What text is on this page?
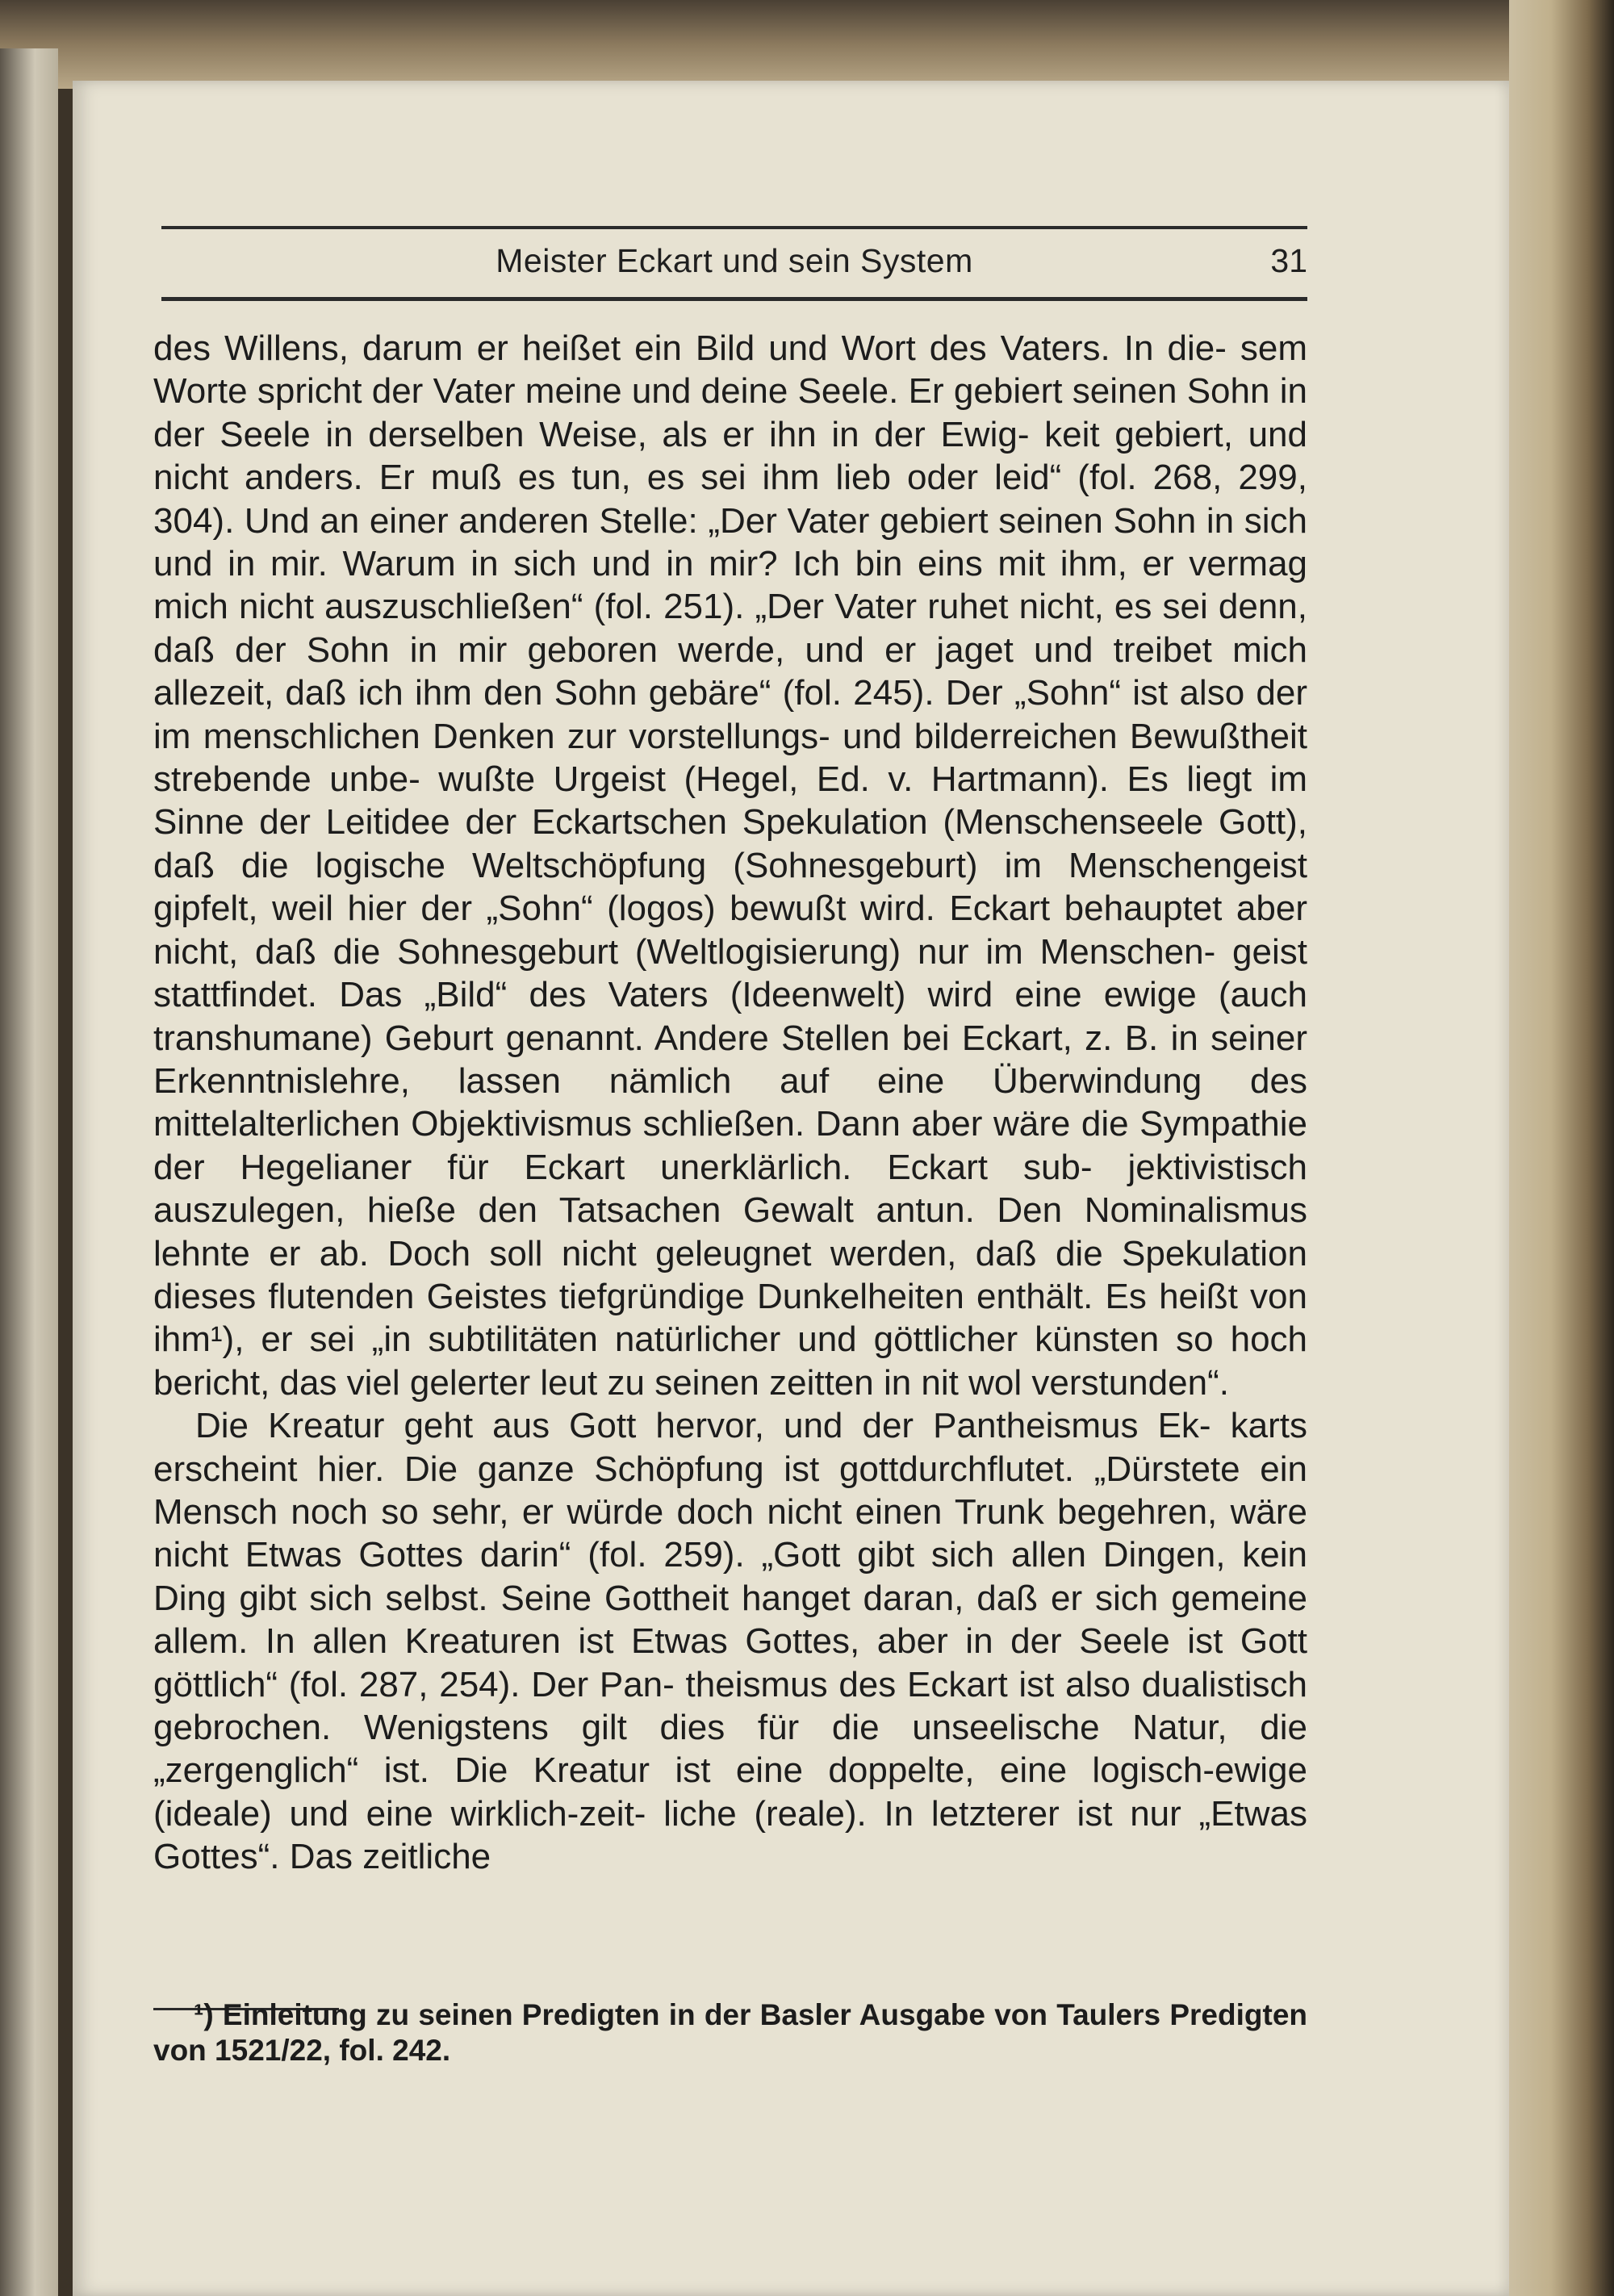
Meister Eckart und sein System	31

des Willens, darum er heißet ein Bild und Wort des Vaters. In die- sem Worte spricht der Vater meine und deine Seele. Er gebiert seinen Sohn in der Seele in derselben Weise, als er ihn in der Ewig- keit gebiert, und nicht anders. Er muß es tun, es sei ihm lieb oder leid“ (fol. 268, 299, 304). Und an einer anderen Stelle: „Der Vater gebiert seinen Sohn in sich und in mir. Warum in sich und in mir? Ich bin eins mit ihm, er vermag mich nicht auszuschließen“ (fol. 251). „Der Vater ruhet nicht, es sei denn, daß der Sohn in mir geboren werde, und er jaget und treibet mich allezeit, daß ich ihm den Sohn gebäre“ (fol. 245). Der „Sohn“ ist also der im menschlichen Denken zur vorstellungs- und bilderreichen Bewußtheit strebende unbe- wußte Urgeist (Hegel, Ed. v. Hartmann). Es liegt im Sinne der Leitidee der Eckartschen Spekulation (Menschenseele Gott), daß die logische Weltschöpfung (Sohnesgeburt) im Menschengeist gipfelt, weil hier der „Sohn“ (logos) bewußt wird. Eckart behauptet aber nicht, daß die Sohnesgeburt (Weltlogisierung) nur im Menschen- geist stattfindet. Das „Bild“ des Vaters (Ideenwelt) wird eine ewige (auch transhumane) Geburt genannt. Andere Stellen bei Eckart, z. B. in seiner Erkenntnislehre, lassen nämlich auf eine Überwindung des mittelalterlichen Objektivismus schließen. Dann aber wäre die Sympathie der Hegelianer für Eckart unerklärlich. Eckart sub- jektivistisch auszulegen, hieße den Tatsachen Gewalt antun. Den Nominalismus lehnte er ab. Doch soll nicht geleugnet werden, daß die Spekulation dieses flutenden Geistes tiefgründige Dunkelheiten enthält. Es heißt von ihm¹), er sei „in subtilitäten natürlicher und göttlicher künsten so hoch bericht, das viel gelerter leut zu seinen zeitten in nit wol verstunden“.

Die Kreatur geht aus Gott hervor, und der Pantheismus Ek- karts erscheint hier. Die ganze Schöpfung ist gottdurchflutet. „Dürstete ein Mensch noch so sehr, er würde doch nicht einen Trunk begehren, wäre nicht Etwas Gottes darin“ (fol. 259). „Gott gibt sich allen Dingen, kein Ding gibt sich selbst. Seine Gottheit hanget daran, daß er sich gemeine allem. In allen Kreaturen ist Etwas Gottes, aber in der Seele ist Gott göttlich“ (fol. 287, 254). Der Pan- theismus des Eckart ist also dualistisch gebrochen. Wenigstens gilt dies für die unseelische Natur, die „zergenglich“ ist. Die Kreatur ist eine doppelte, eine logisch-ewige (ideale) und eine wirklich-zeit- liche (reale). In letzterer ist nur „Etwas Gottes“. Das zeitliche

¹) Einleitung zu seinen Predigten in der Basler Ausgabe von Taulers Predigten von 1521/22, fol. 242.
